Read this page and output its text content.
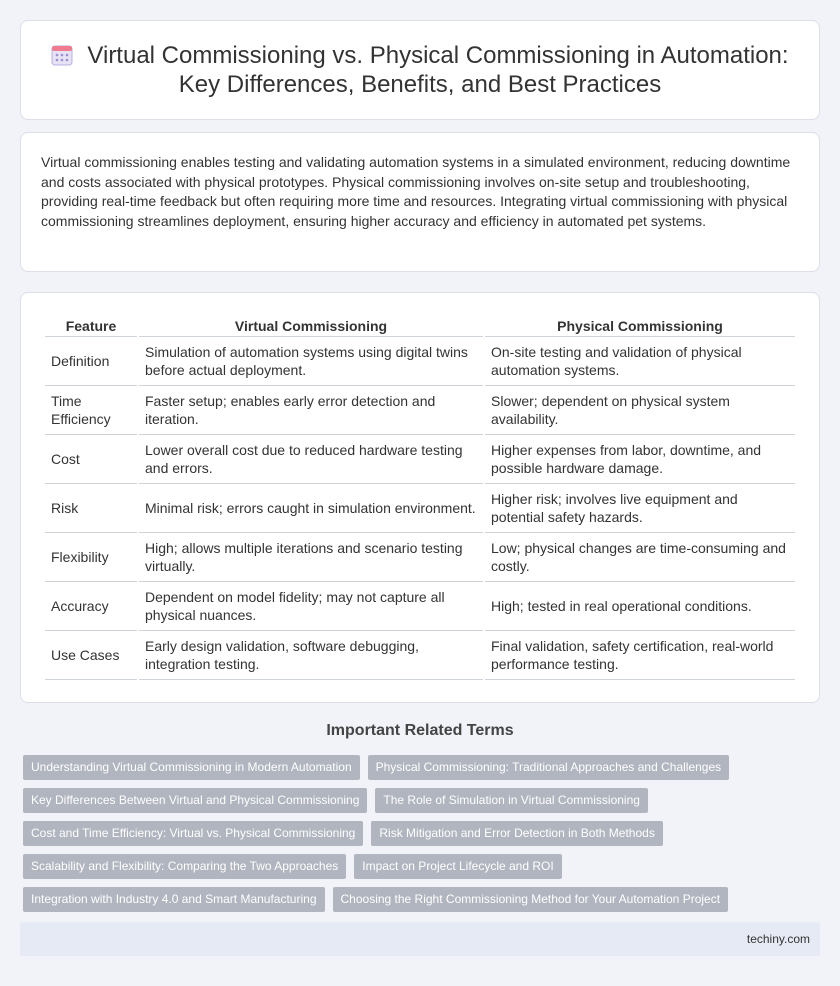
Virtual Commissioning vs. Physical Commissioning in Automation: Key Differences, Benefits, and Best Practices

Virtual commissioning enables testing and validating automation systems in a simulated environment, reducing downtime and costs associated with physical prototypes. Physical commissioning involves on-site setup and troubleshooting, providing real-time feedback but often requiring more time and resources. Integrating virtual commissioning with physical commissioning streamlines deployment, ensuring higher accuracy and efficiency in automated pet systems.

Feature	Virtual Commissioning	Physical Commissioning
Definition	Simulation of automation systems using digital twins before actual deployment.	On-site testing and validation of physical automation systems.
Time Efficiency	Faster setup; enables early error detection and iteration.	Slower; dependent on physical system availability.
Cost	Lower overall cost due to reduced hardware testing and errors.	Higher expenses from labor, downtime, and possible hardware damage.
Risk	Minimal risk; errors caught in simulation environment.	Higher risk; involves live equipment and potential safety hazards.
Flexibility	High; allows multiple iterations and scenario testing virtually.	Low; physical changes are time-consuming and costly.
Accuracy	Dependent on model fidelity; may not capture all physical nuances.	High; tested in real operational conditions.
Use Cases	Early design validation, software debugging, integration testing.	Final validation, safety certification, real-world performance testing.
Important Related Terms
Understanding Virtual Commissioning in Modern Automation	Physical Commissioning: Traditional Approaches and Challenges
Key Differences Between Virtual and Physical Commissioning	The Role of Simulation in Virtual Commissioning
Cost and Time Efficiency: Virtual vs. Physical Commissioning	Risk Mitigation and Error Detection in Both Methods
Scalability and Flexibility: Comparing the Two Approaches	Impact on Project Lifecycle and ROI
Integration with Industry 4.0 and Smart Manufacturing	Choosing the Right Commissioning Method for Your Automation Project
techiny.com
